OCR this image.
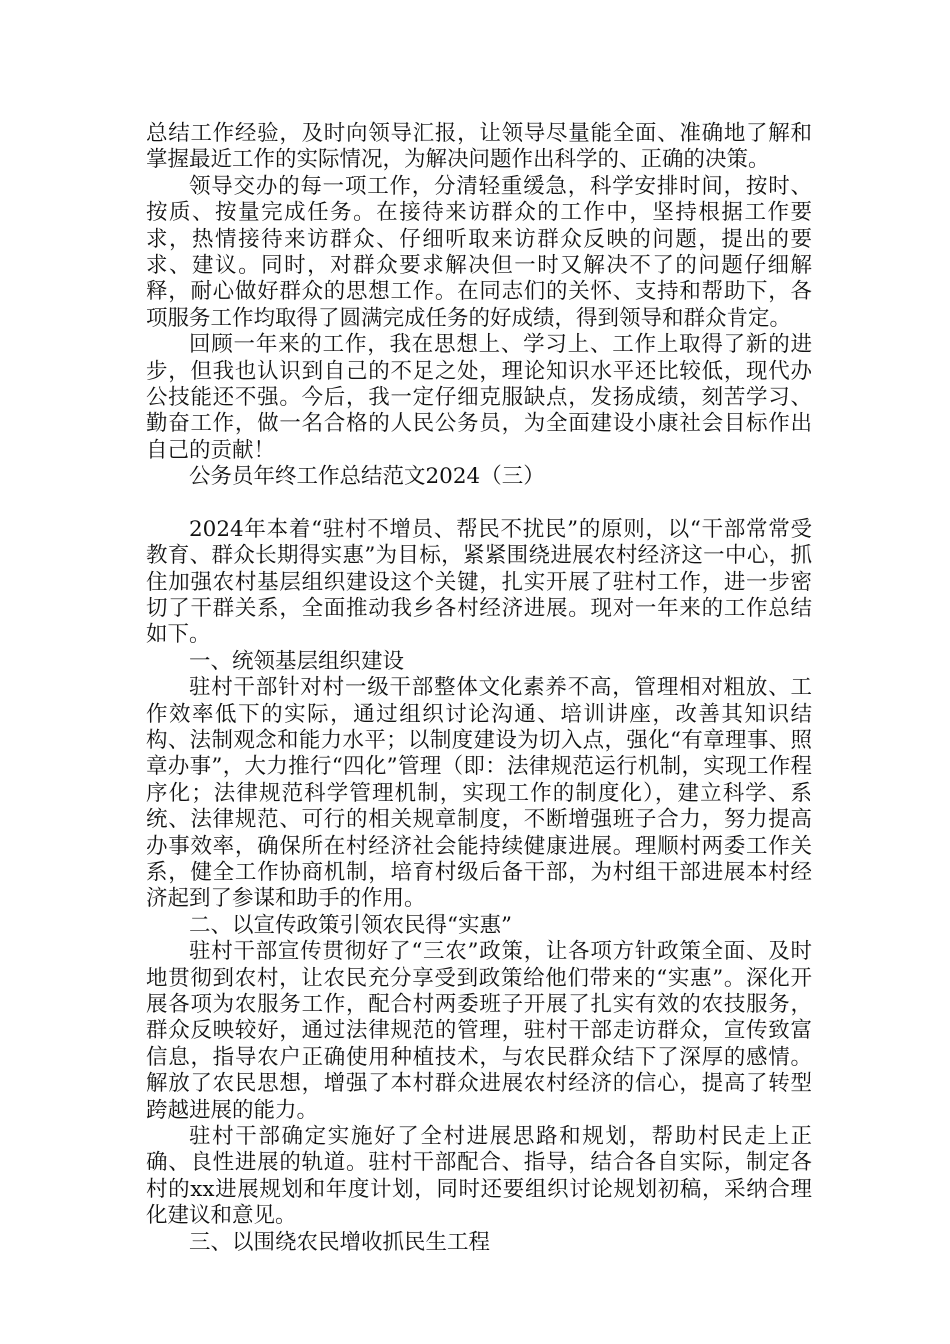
总结工作经验，及时向领导汇报，让领导尽量能全面、准确地了解和掌握最近工作的实际情况，为解决问题作出科学的、正确的决策。

领导交办的每一项工作，分清轻重缓急，科学安排时间，按时、按质、按量完成任务。在接待来访群众的工作中，坚持根据工作要求，热情接待来访群众、仔细听取来访群众反映的问题，提出的要求、建议。同时，对群众要求解决但一时又解决不了的问题仔细解释，耐心做好群众的思想工作。在同志们的关怀、支持和帮助下，各项服务工作均取得了圆满完成任务的好成绩，得到领导和群众肯定。

回顾一年来的工作，我在思想上、学习上、工作上取得了新的进步，但我也认识到自己的不足之处，理论知识水平还比较低，现代办公技能还不强。今后，我一定仔细克服缺点，发扬成绩，刻苦学习、勤奋工作，做一名合格的人民公务员，为全面建设小康社会目标作出自己的贡献！

公务员年终工作总结范文2024（三）

2024年本着“驻村不增员、帮民不扰民”的原则，以“干部常常受教育、群众长期得实惠”为目标，紧紧围绕进展农村经济这一中心，抓住加强农村基层组织建设这个关键，扎实开展了驻村工作，进一步密切了干群关系，全面推动我乡各村经济进展。现对一年来的工作总结如下。

一、统领基层组织建设

驻村干部针对村一级干部整体文化素养不高，管理相对粗放、工作效率低下的实际，通过组织讨论沟通、培训讲座，改善其知识结构、法制观念和能力水平；以制度建设为切入点，强化“有章理事、照章办事”，大力推行“四化”管理（即：法律规范运行机制，实现工作程序化；法律规范科学管理机制，实现工作的制度化），建立科学、系统、法律规范、可行的相关规章制度，不断增强班子合力，努力提高办事效率，确保所在村经济社会能持续健康进展。理顺村两委工作关系，健全工作协商机制，培育村级后备干部，为村组干部进展本村经济起到了参谋和助手的作用。

二、以宣传政策引领农民得“实惠”

驻村干部宣传贯彻好了“三农”政策，让各项方针政策全面、及时地贯彻到农村，让农民充分享受到政策给他们带来的“实惠”。深化开展各项为农服务工作，配合村两委班子开展了扎实有效的农技服务，群众反映较好，通过法律规范的管理，驻村干部走访群众，宣传致富信息，指导农户正确使用种植技术，与农民群众结下了深厚的感情。解放了农民思想，增强了本村群众进展农村经济的信心，提高了转型跨越进展的能力。

驻村干部确定实施好了全村进展思路和规划，帮助村民走上正确、良性进展的轨道。驻村干部配合、指导，结合各自实际，制定各村的xx进展规划和年度计划，同时还要组织讨论规划初稿，采纳合理化建议和意见。

三、以围绕农民增收抓民生工程
